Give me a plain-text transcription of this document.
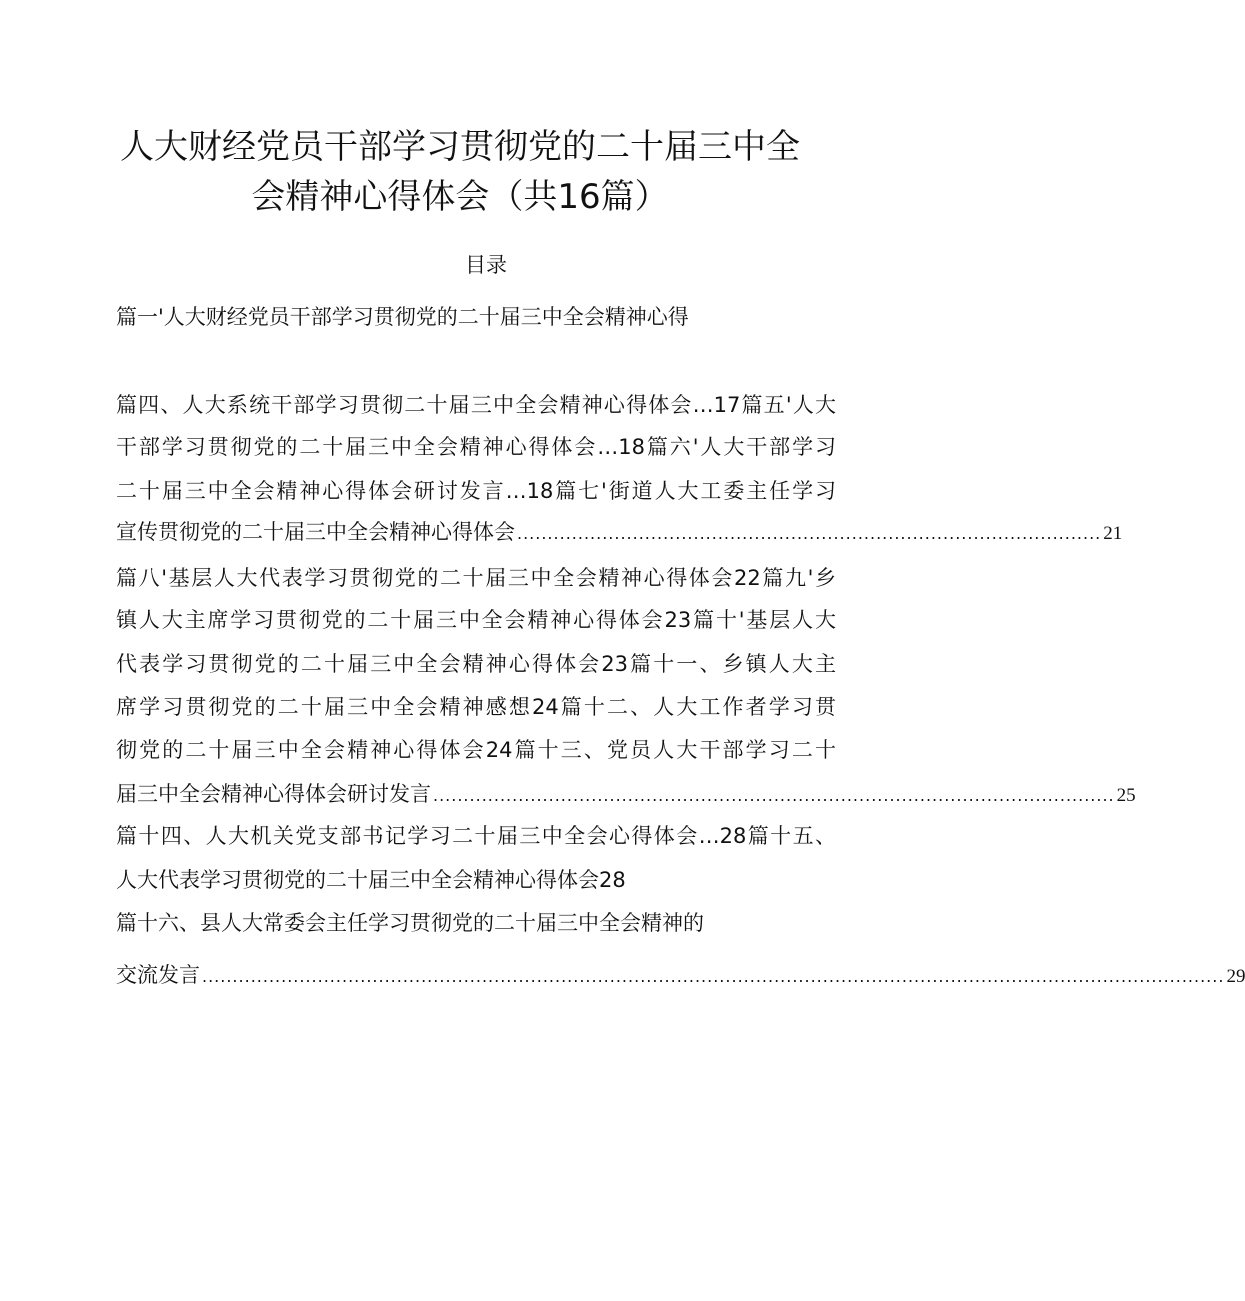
人大财经党员干部学习贯彻党的二十届三中全
会精神心得体会（共16篇）
目录
篇一'人大财经党员干部学习贯彻党的二十届三中全会精神心得
篇四、人大系统干部学习贯彻二十届三中全会精神心得体会…17篇五'人大
干部学习贯彻党的二十届三中全会精神心得体会…18篇六'人大干部学习
二十届三中全会精神心得体会研讨发言…18篇七'街道人大工委主任学习
宣传贯彻党的二十届三中全会精神心得体会 ................................................................................................ 21
篇八'基层人大代表学习贯彻党的二十届三中全会精神心得体会22篇九'乡
镇人大主席学习贯彻党的二十届三中全会精神心得体会23篇十'基层人大
代表学习贯彻党的二十届三中全会精神心得体会23篇十一、乡镇人大主
席学习贯彻党的二十届三中全会精神感想24篇十二、人大工作者学习贯
彻党的二十届三中全会精神心得体会24篇十三、党员人大干部学习二十
届三中全会精神心得体会研讨发言 ................................................................................................................ 25
篇十四、人大机关党支部书记学习二十届三中全会心得体会…28篇十五、
人大代表学习贯彻党的二十届三中全会精神心得体会28
篇十六、县人大常委会主任学习贯彻党的二十届三中全会精神的
交流发言 ........................................................................................................................................................................ 29
